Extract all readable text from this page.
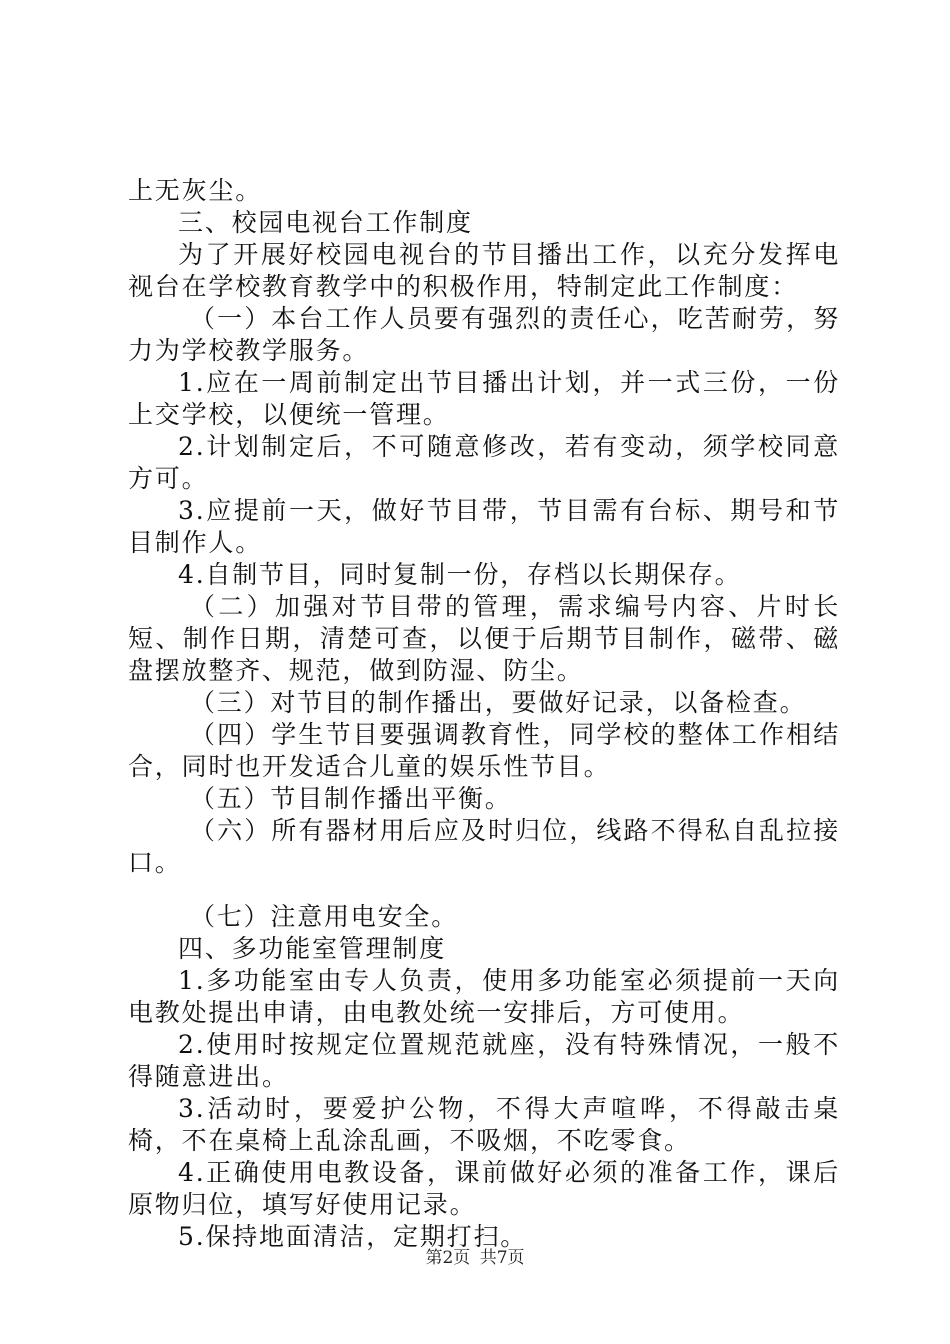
上无灰尘。

三、校园电视台工作制度

为了开展好校园电视台的节目播出工作，以充分发挥电视台在学校教育教学中的积极作用，特制定此工作制度：

（一）本台工作人员要有强烈的责任心，吃苦耐劳，努力为学校教学服务。

1.应在一周前制定出节目播出计划，并一式三份，一份上交学校，以便统一管理。

2.计划制定后，不可随意修改，若有变动，须学校同意方可。

3.应提前一天，做好节目带，节目需有台标、期号和节目制作人。

4.自制节目，同时复制一份，存档以长期保存。

（二）加强对节目带的管理，需求编号内容、片时长短、制作日期，清楚可查，以便于后期节目制作，磁带、磁盘摆放整齐、规范，做到防湿、防尘。

（三）对节目的制作播出，要做好记录，以备检查。

（四）学生节目要强调教育性，同学校的整体工作相结合，同时也开发适合儿童的娱乐性节目。

（五）节目制作播出平衡。

（六）所有器材用后应及时归位，线路不得私自乱拉接口。

（七）注意用电安全。

四、多功能室管理制度

1.多功能室由专人负责，使用多功能室必须提前一天向电教处提出申请，由电教处统一安排后，方可使用。

2.使用时按规定位置规范就座，没有特殊情况，一般不得随意进出。

3.活动时，要爱护公物，不得大声喧哗，不得敲击桌椅，不在桌椅上乱涂乱画，不吸烟，不吃零食。

4.正确使用电教设备，课前做好必须的准备工作，课后原物归位，填写好使用记录。

5.保持地面清洁，定期打扫。

第2页 共7页
